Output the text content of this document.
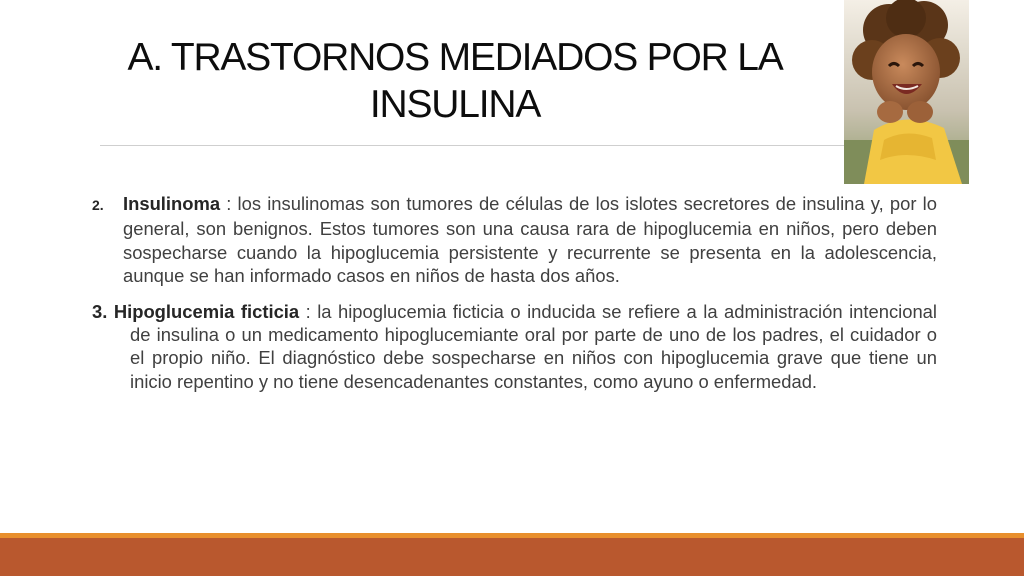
A. TRASTORNOS MEDIADOS POR LA INSULINA

2. Insulinoma : los insulinomas son tumores de células de los islotes secretores de insulina y, por lo general, son benignos. Estos tumores son una causa rara de hipoglucemia en niños, pero deben sospecharse cuando la hipoglucemia persistente y recurrente se presenta en la adolescencia, aunque se han informado casos en niños de hasta dos años.

3. Hipoglucemia ficticia : la hipoglucemia ficticia o inducida se refiere a la administración intencional de insulina o un medicamento hipoglucemiante oral por parte de uno de los padres, el cuidador o el propio niño. El diagnóstico debe sospecharse en niños con hipoglucemia grave que tiene un inicio repentino y no tiene desencadenantes constantes, como ayuno o enfermedad.
